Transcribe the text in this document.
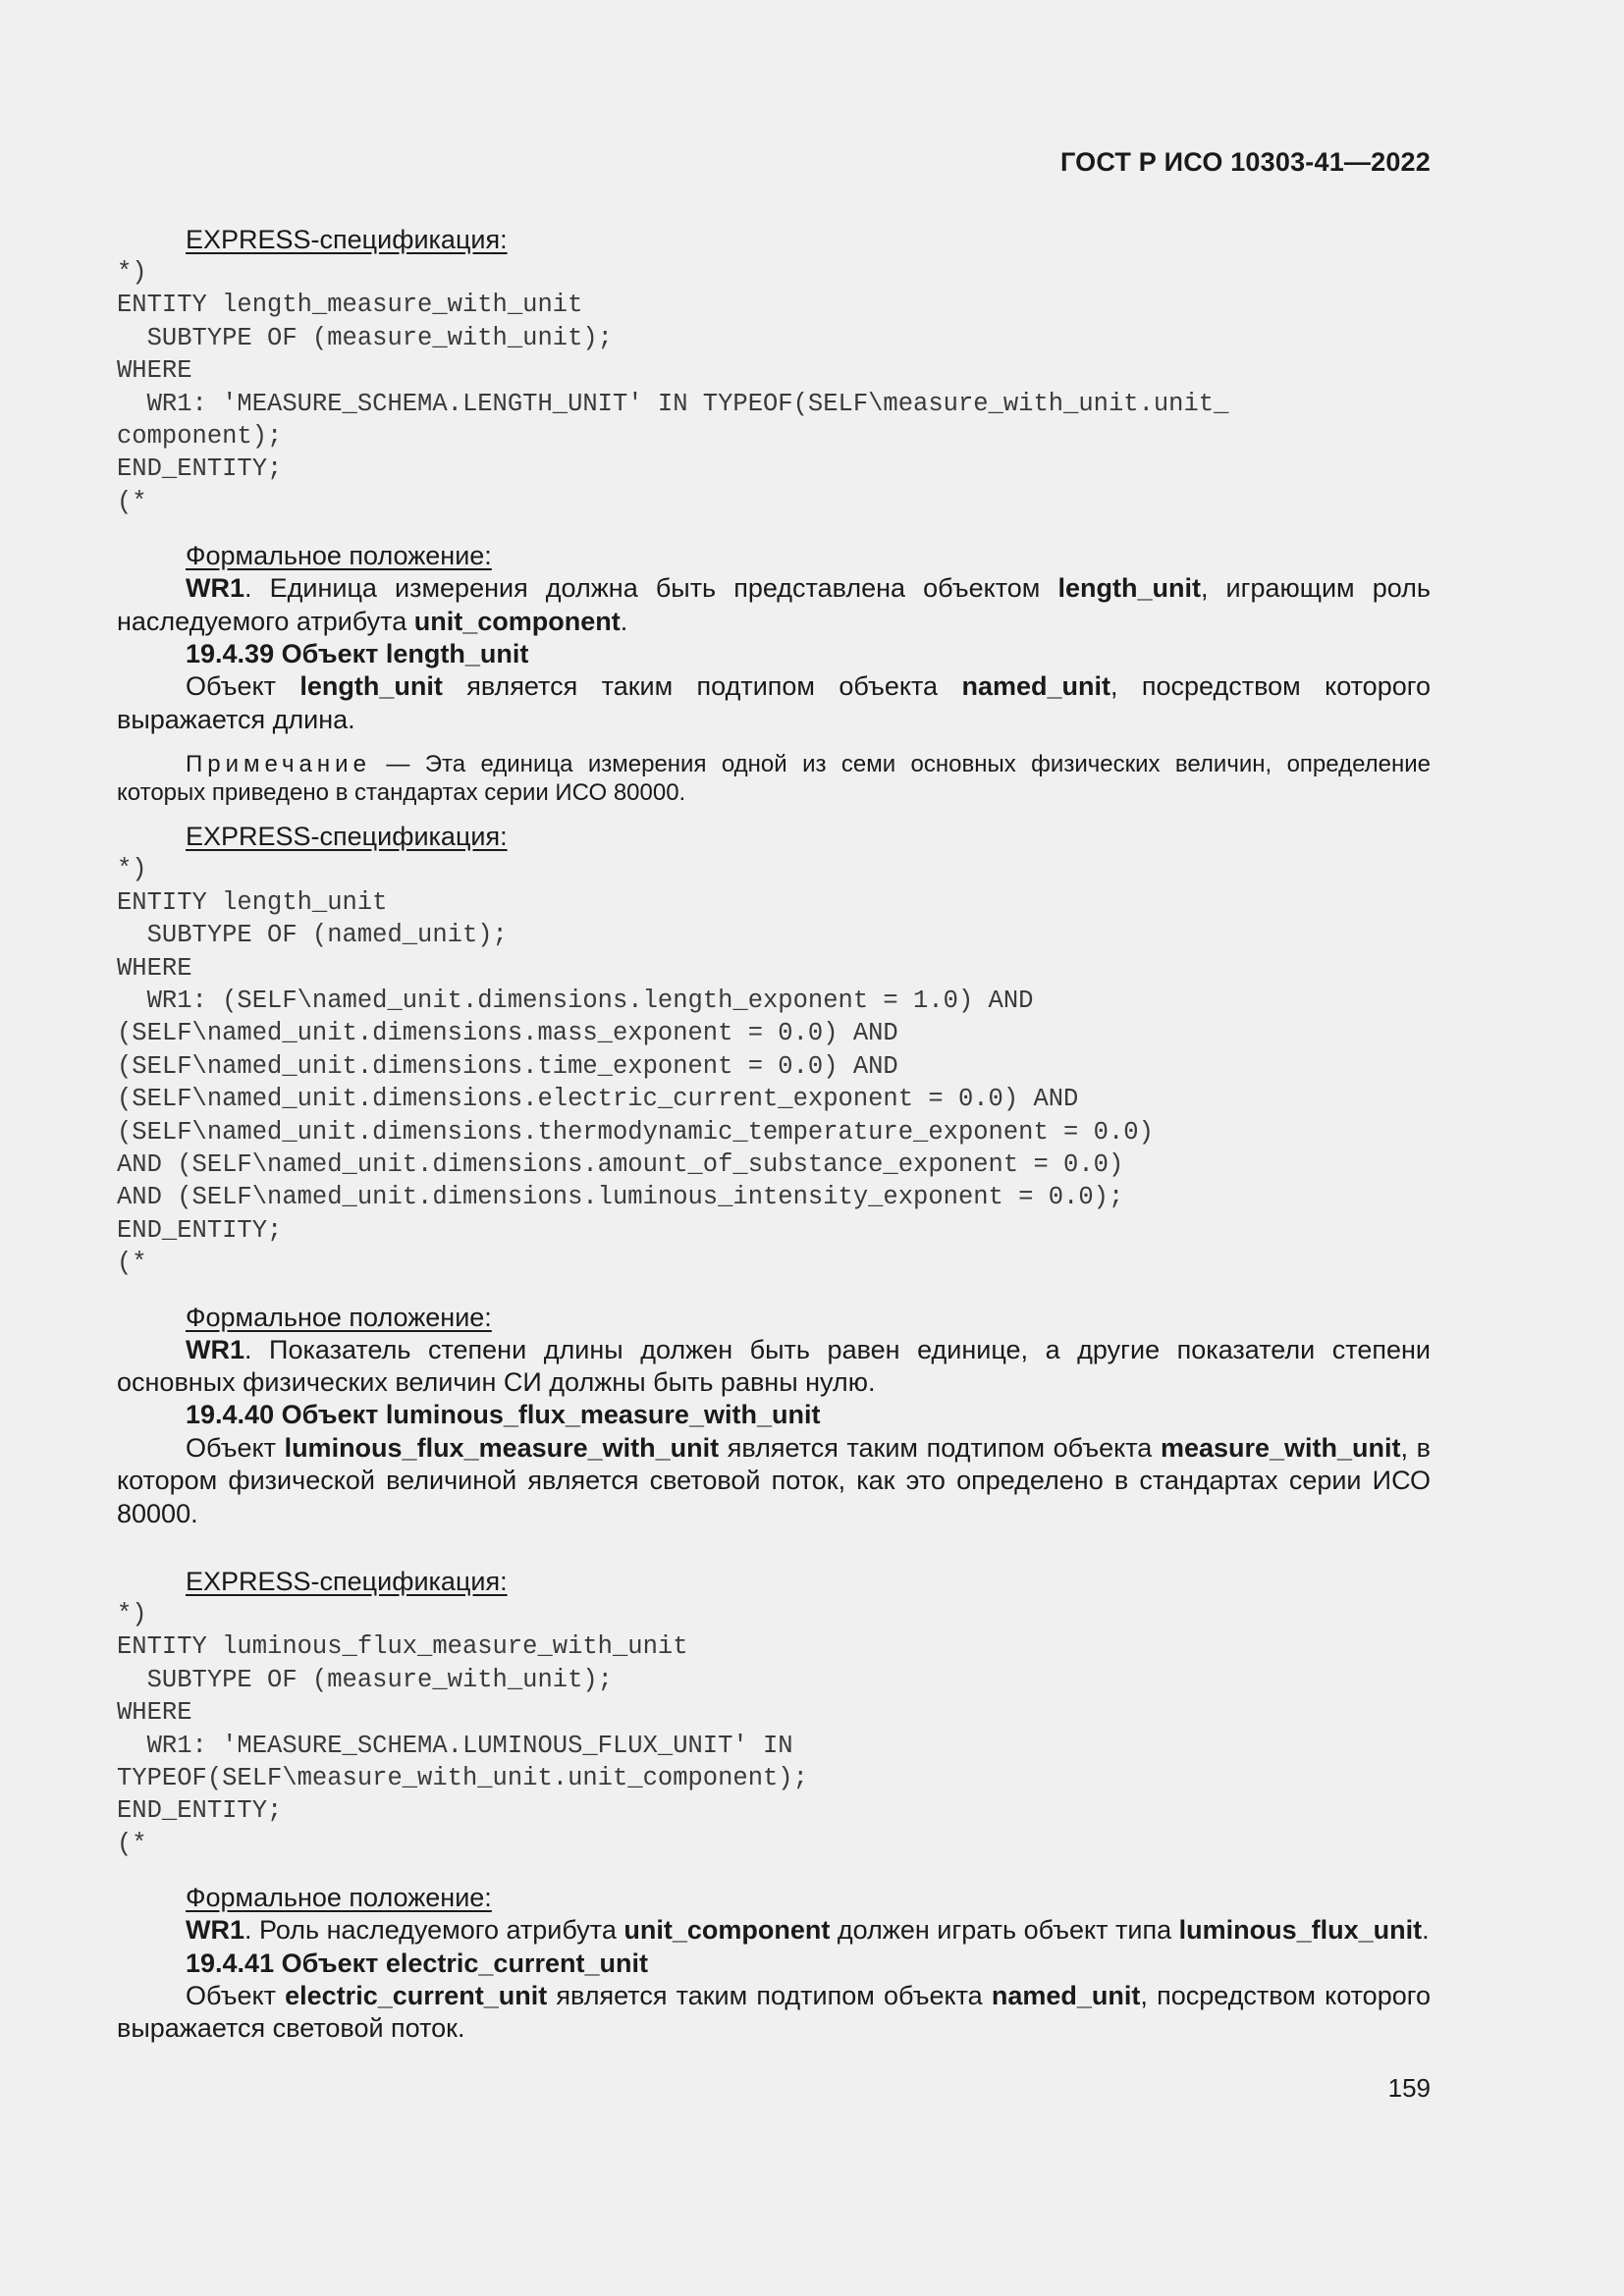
ГОСТ Р ИСО 10303-41—2022
EXPRESS-спецификация:
*)
ENTITY length_measure_with_unit
SUBTYPE OF (measure_with_unit);
WHERE
WR1: 'MEASURE_SCHEMA.LENGTH_UNIT' IN TYPEOF(SELF\measure_with_unit.unit_
component);
END_ENTITY;
(*
Формальное положение:

WR1. Единица измерения должна быть представлена объектом length_unit, играющим роль наследуемого атрибута unit_component.

19.4.39 Объект length_unit

Объект length_unit является таким подтипом объекта named_unit, посредством которого выражается длина.

Примечание — Эта единица измерения одной из семи основных физических величин, определение которых приведено в стандартах серии ИСО 80000.

EXPRESS-спецификация:
*)
ENTITY length_unit
SUBTYPE OF (named_unit);
WHERE
WR1: (SELF\named_unit.dimensions.length_exponent = 1.0) AND
(SELF\named_unit.dimensions.mass_exponent = 0.0) AND
(SELF\named_unit.dimensions.time_exponent = 0.0) AND
(SELF\named_unit.dimensions.electric_current_exponent = 0.0) AND
(SELF\named_unit.dimensions.thermodynamic_temperature_exponent = 0.0)
AND (SELF\named_unit.dimensions.amount_of_substance_exponent = 0.0)
AND (SELF\named_unit.dimensions.luminous_intensity_exponent = 0.0);
END_ENTITY;
(*
Формальное положение:

WR1. Показатель степени длины должен быть равен единице, а другие показатели степени основных физических величин СИ должны быть равны нулю.

19.4.40 Объект luminous_flux_measure_with_unit

Объект luminous_flux_measure_with_unit является таким подтипом объекта measure_with_unit, в котором физической величиной является световой поток, как это определено в стандартах серии ИСО 80000.

EXPRESS-спецификация:
*)
ENTITY luminous_flux_measure_with_unit
SUBTYPE OF (measure_with_unit);
WHERE
WR1: 'MEASURE_SCHEMA.LUMINOUS_FLUX_UNIT' IN
TYPEOF(SELF\measure_with_unit.unit_component);
END_ENTITY;
(*
Формальное положение:

WR1. Роль наследуемого атрибута unit_component должен играть объект типа luminous_flux_unit.

19.4.41 Объект electric_current_unit

Объект electric_current_unit является таким подтипом объекта named_unit, посредством которого выражается световой поток.

159
